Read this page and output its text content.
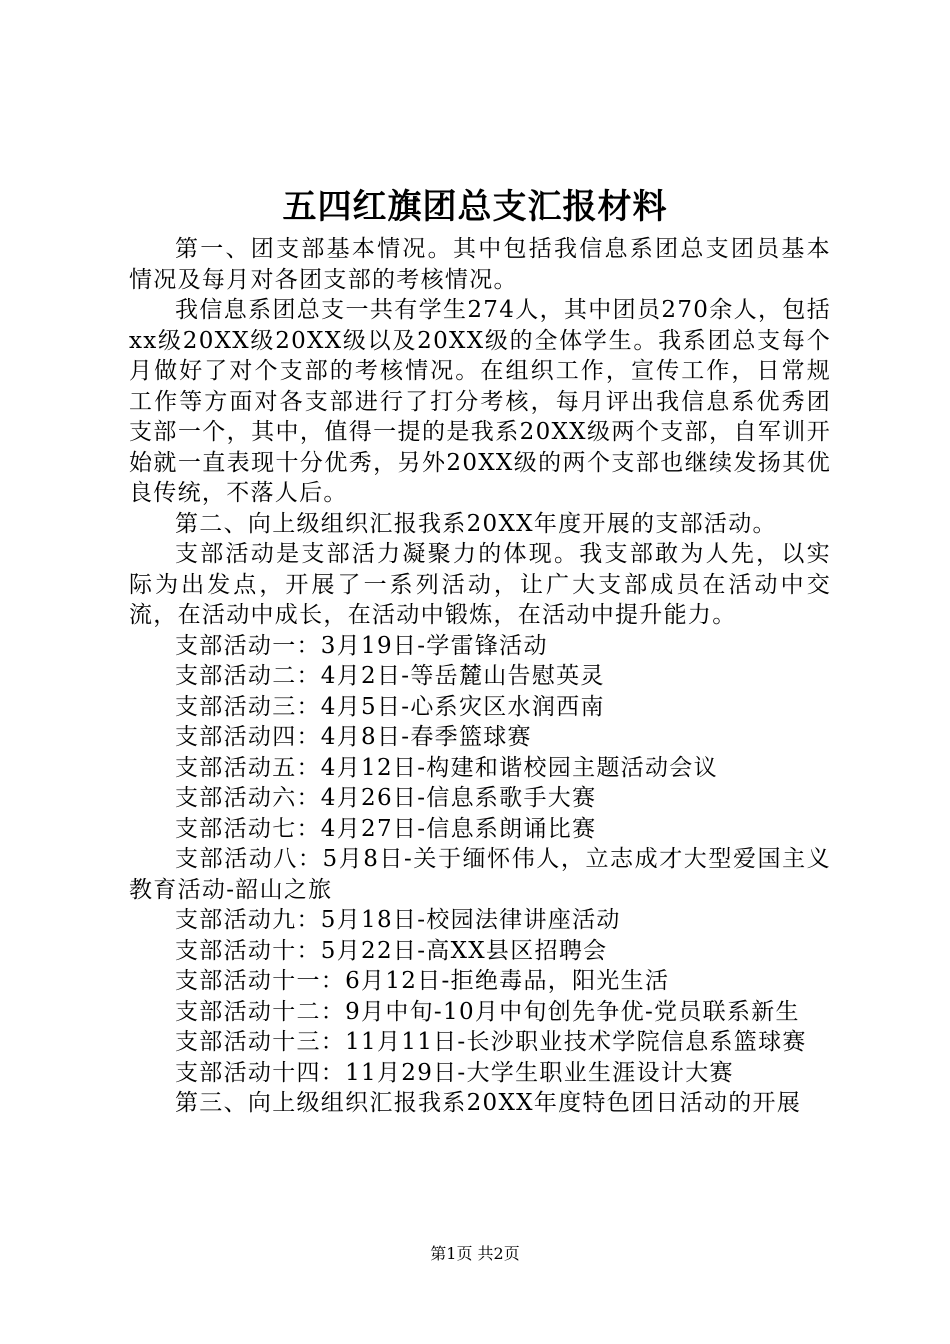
五四红旗团总支汇报材料

第一、团支部基本情况。其中包括我信息系团总支团员基本情况及每月对各团支部的考核情况。

我信息系团总支一共有学生274人，其中团员270余人，包括xx级20XX级20XX级以及20XX级的全体学生。我系团总支每个月做好了对个支部的考核情况。在组织工作，宣传工作，日常规工作等方面对各支部进行了打分考核，每月评出我信息系优秀团支部一个，其中，值得一提的是我系20XX级两个支部，自军训开始就一直表现十分优秀，另外20XX级的两个支部也继续发扬其优良传统，不落人后。

第二、向上级组织汇报我系20XX年度开展的支部活动。

支部活动是支部活力凝聚力的体现。我支部敢为人先，以实际为出发点，开展了一系列活动，让广大支部成员在活动中交流，在活动中成长，在活动中锻炼，在活动中提升能力。

支部活动一：3月19日-学雷锋活动

支部活动二：4月2日-等岳麓山告慰英灵

支部活动三：4月5日-心系灾区水润西南

支部活动四：4月8日-春季篮球赛

支部活动五：4月12日-构建和谐校园主题活动会议

支部活动六：4月26日-信息系歌手大赛

支部活动七：4月27日-信息系朗诵比赛

支部活动八：5月8日-关于缅怀伟人，立志成才大型爱国主义教育活动-韶山之旅

支部活动九：5月18日-校园法律讲座活动

支部活动十：5月22日-高XX县区招聘会

支部活动十一：6月12日-拒绝毒品，阳光生活

支部活动十二：9月中旬-10月中旬创先争优-党员联系新生

支部活动十三：11月11日-长沙职业技术学院信息系篮球赛

支部活动十四：11月29日-大学生职业生涯设计大赛

第三、向上级组织汇报我系20XX年度特色团日活动的开展

第1页 共2页
